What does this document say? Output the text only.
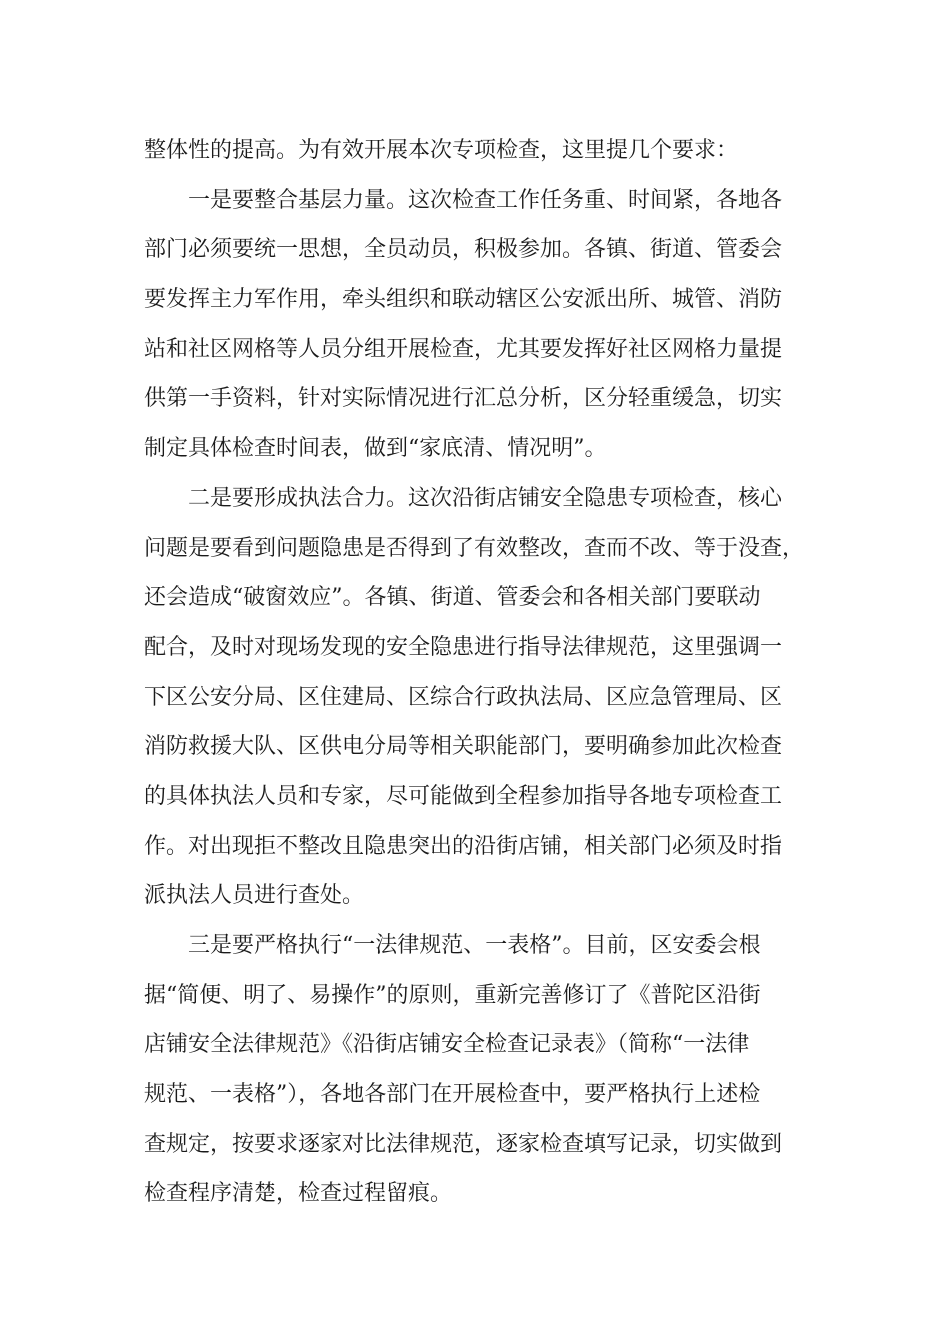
整体性的提高。为有效开展本次专项检查，这里提几个要求：
一是要整合基层力量。这次检查工作任务重、时间紧，各地各
部门必须要统一思想，全员动员，积极参加。各镇、街道、管委会
要发挥主力军作用，牵头组织和联动辖区公安派出所、城管、消防
站和社区网格等人员分组开展检查，尤其要发挥好社区网格力量提
供第一手资料，针对实际情况进行汇总分析，区分轻重缓急，切实
制定具体检查时间表，做到“家底清、情况明”。
二是要形成执法合力。这次沿街店铺安全隐患专项检查，核心
问题是要看到问题隐患是否得到了有效整改，查而不改、等于没查，
还会造成“破窗效应”。各镇、街道、管委会和各相关部门要联动
配合，及时对现场发现的安全隐患进行指导法律规范，这里强调一
下区公安分局、区住建局、区综合行政执法局、区应急管理局、区
消防救援大队、区供电分局等相关职能部门，要明确参加此次检查
的具体执法人员和专家，尽可能做到全程参加指导各地专项检查工
作。对出现拒不整改且隐患突出的沿街店铺，相关部门必须及时指
派执法人员进行查处。
三是要严格执行“一法律规范、一表格”。目前，区安委会根
据“简便、明了、易操作”的原则，重新完善修订了《普陀区沿街
店铺安全法律规范》《沿街店铺安全检查记录表》（简称“一法律
规范、一表格”），各地各部门在开展检查中，要严格执行上述检
查规定，按要求逐家对比法律规范，逐家检查填写记录，切实做到
检查程序清楚，检查过程留痕。
